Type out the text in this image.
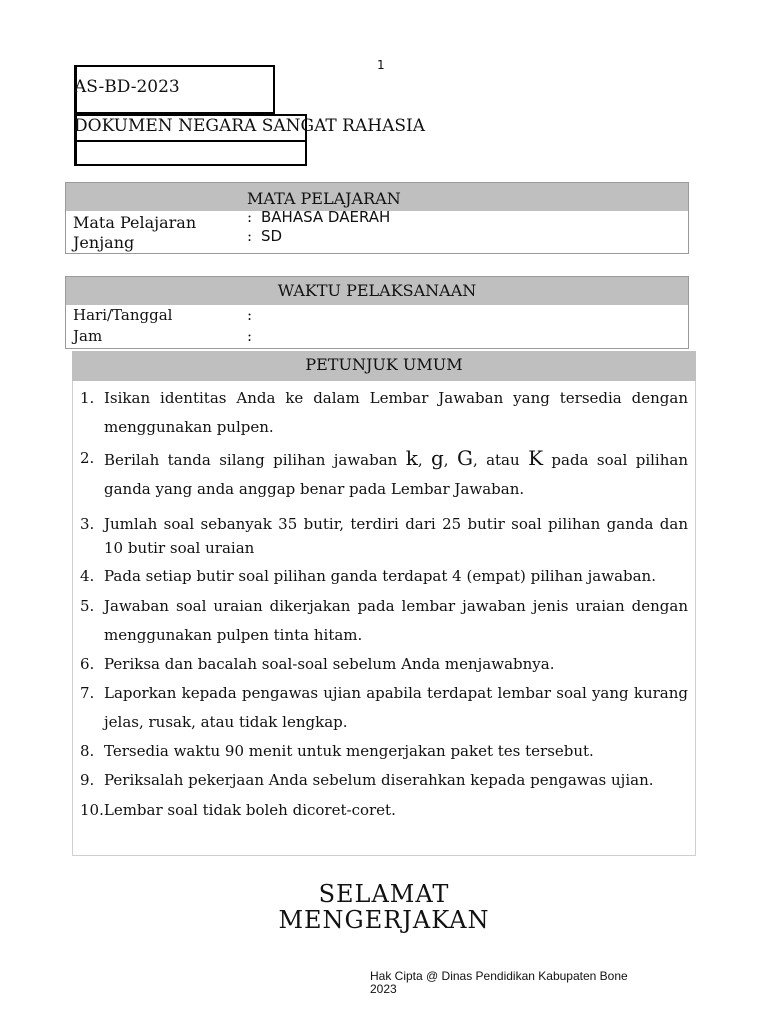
1
AS-BD-2023
DOKUMEN NEGARA SANGAT RAHASIA
MATA PELAJARAN
Mata Pelajaran	: BAHASA DAERAH
Jenjang	: SD
WAKTU PELAKSANAAN
Hari/Tanggal	:
Jam	:
PETUNJUK UMUM
1. Isikan identitas Anda ke dalam Lembar Jawaban yang tersedia dengan menggunakan pulpen.
2. Berilah tanda silang pilihan jawaban k, g, G, atau K pada soal pilihan ganda yang anda anggap benar pada Lembar Jawaban.
3. Jumlah soal sebanyak 35 butir, terdiri dari 25 butir soal pilihan ganda dan 10 butir soal uraian
4. Pada setiap butir soal pilihan ganda terdapat 4 (empat) pilihan jawaban.
5. Jawaban soal uraian dikerjakan pada lembar jawaban jenis uraian dengan menggunakan pulpen tinta hitam.
6. Periksa dan bacalah soal-soal sebelum Anda menjawabnya.
7. Laporkan kepada pengawas ujian apabila terdapat lembar soal yang kurang jelas, rusak, atau tidak lengkap.
8. Tersedia waktu 90 menit untuk mengerjakan paket tes tersebut.
9. Periksalah pekerjaan Anda sebelum diserahkan kepada pengawas ujian.
10. Lembar soal tidak boleh dicoret-coret.
SELAMAT
MENGERJAKAN
Hak Cipta @ Dinas Pendidikan Kabupaten Bone
2023
